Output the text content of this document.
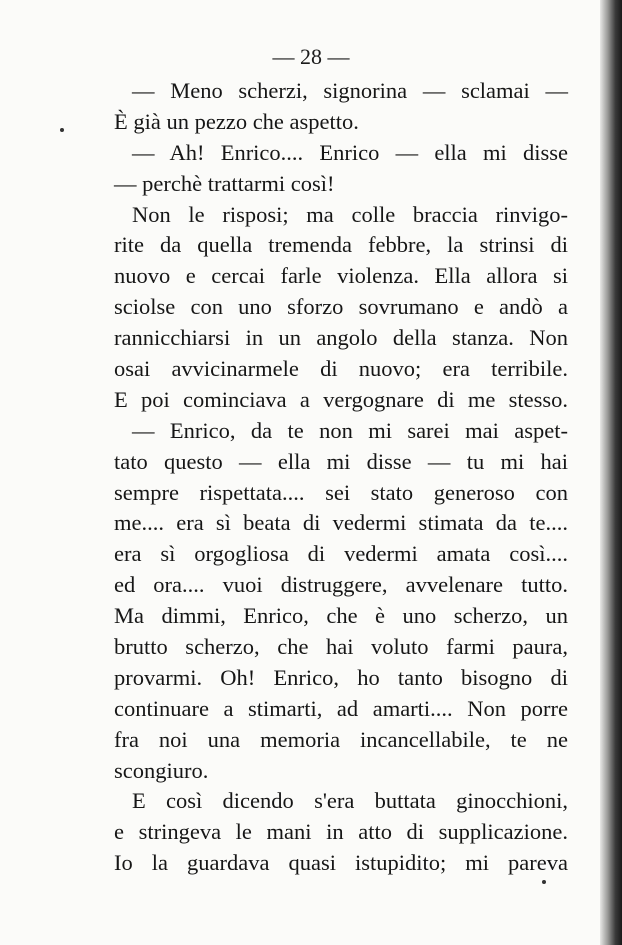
— 28 —
— Meno scherzi, signorina — sclamai —
È già un pezzo che aspetto.
— Ah! Enrico.... Enrico — ella mi disse
— perchè trattarmi così!
Non le risposi; ma colle braccia rinvigo-
rite da quella tremenda febbre, la strinsi di
nuovo e cercai farle violenza. Ella allora si
sciolse con uno sforzo sovrumano e andò a
rannicchiarsi in un angolo della stanza. Non
osai avvicinarmele di nuovo; era terribile.
E poi cominciava a vergognare di me stesso.
— Enrico, da te non mi sarei mai aspet-
tato questo — ella mi disse — tu mi hai
sempre rispettata.... sei stato generoso con
me.... era sì beata di vedermi stimata da te....
era sì orgogliosa di vedermi amata così....
ed ora.... vuoi distruggere, avvelenare tutto.
Ma dimmi, Enrico, che è uno scherzo, un
brutto scherzo, che hai voluto farmi paura,
provarmi. Oh! Enrico, ho tanto bisogno di
continuare a stimarti, ad amarti.... Non porre
fra noi una memoria incancellabile, te ne
scongiuro.
E così dicendo s'era buttata ginocchioni,
e stringeva le mani in atto di supplicazione.
Io la guardava quasi istupidito; mi pareva
